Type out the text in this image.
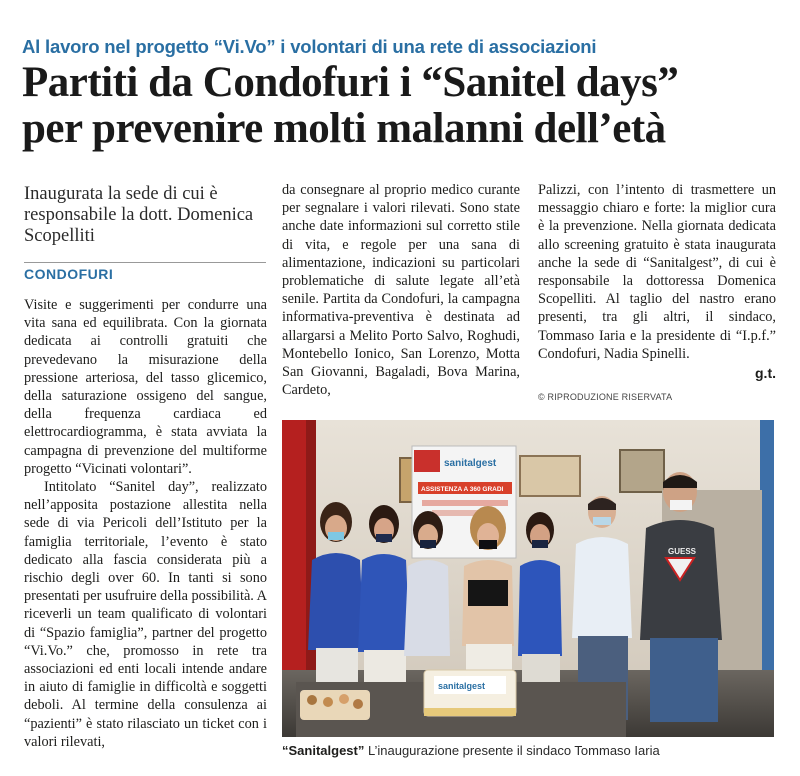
Al lavoro nel progetto “Vi.Vo” i volontari di una rete di associazioni
Partiti da Condofuri i “Sanitel days”
per prevenire molti malanni dell’età
Inaugurata la sede di cui è responsabile la dott. Domenica Scopelliti
CONDOFURI

Visite e suggerimenti per condurre una vita sana ed equilibrata. Con la giornata dedicata ai controlli gratuiti che prevedevano la misurazione della pressione arteriosa, del tasso glicemico, della saturazione ossigeno del sangue, della frequenza cardiaca ed elettrocardiogramma, è stata avviata la campagna di prevenzione del multiforme progetto “Vicinati volontari”.

Intitolato “Sanitel day”, realizzato nell’apposita postazione allestita nella sede di via Pericoli dell’Istituto per la famiglia territoriale, l’evento è stato dedicato alla fascia considerata più a rischio degli over 60. In tanti si sono presentati per usufruire della possibilità. A riceverli un team qualificato di volontari di “Spazio famiglia”, partner del progetto “Vi.Vo.” che, promosso in rete tra associazioni ed enti locali intende andare in aiuto di famiglie in difficoltà e soggetti deboli. Al termine della consulenza ai “pazienti” è stato rilasciato un ticket con i valori rilevati,

da consegnare al proprio medico curante per segnalare i valori rilevati. Sono state anche date informazioni sul corretto stile di vita, e regole per una sana di alimentazione, indicazioni su particolari problematiche di salute legate all’età senile. Partita da Condofuri, la campagna informativa-preventiva è destinata ad allargarsi a Melito Porto Salvo, Roghudi, Montebello Ionico, San Lorenzo, Motta San Giovanni, Bagaladi, Bova Marina, Cardeto,

Palizzi, con l’intento di trasmettere un messaggio chiaro e forte: la miglior cura è la prevenzione. Nella giornata dedicata allo screening gratuito è stata inaugurata anche la sede di “Sanitalgest”, di cui è responsabile la dottoressa Domenica Scopelliti. Al taglio del nastro erano presenti, tra gli altri, il sindaco, Tommaso Iaria e la presidente di “I.p.f.” Condofuri, Nadia Spinelli.

g.t.
© RIPRODUZIONE RISERVATA
sanitalgest
ASSISTENZA A 360 GRADI
GUESS
sanitalgest
“Sanitalgest” L’inaugurazione presente il sindaco Tommaso Iaria
